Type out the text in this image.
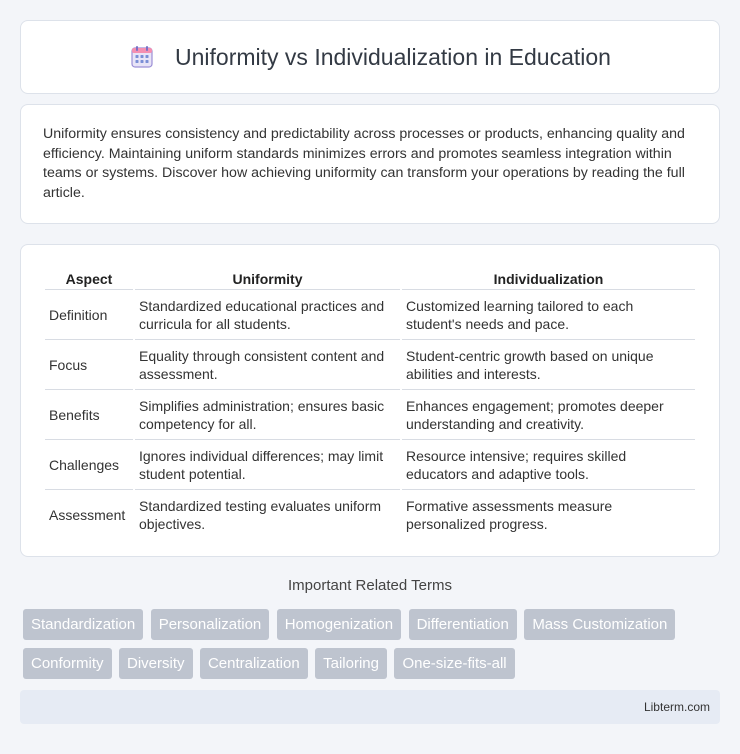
Uniformity vs Individualization in Education

Uniformity ensures consistency and predictability across processes or products, enhancing quality and efficiency. Maintaining uniform standards minimizes errors and promotes seamless integration within teams or systems. Discover how achieving uniformity can transform your operations by reading the full article.

Aspect	Uniformity	Individualization
Definition	Standardized educational practices and curricula for all students.	Customized learning tailored to each student's needs and pace.
Focus	Equality through consistent content and assessment.	Student-centric growth based on unique abilities and interests.
Benefits	Simplifies administration; ensures basic competency for all.	Enhances engagement; promotes deeper understanding and creativity.
Challenges	Ignores individual differences; may limit student potential.	Resource intensive; requires skilled educators and adaptive tools.
Assessment	Standardized testing evaluates uniform objectives.	Formative assessments measure personalized progress.
Important Related Terms
Standardization Personalization Homogenization Differentiation Mass Customization Conformity Diversity Centralization Tailoring One-size-fits-all
Libterm.com
